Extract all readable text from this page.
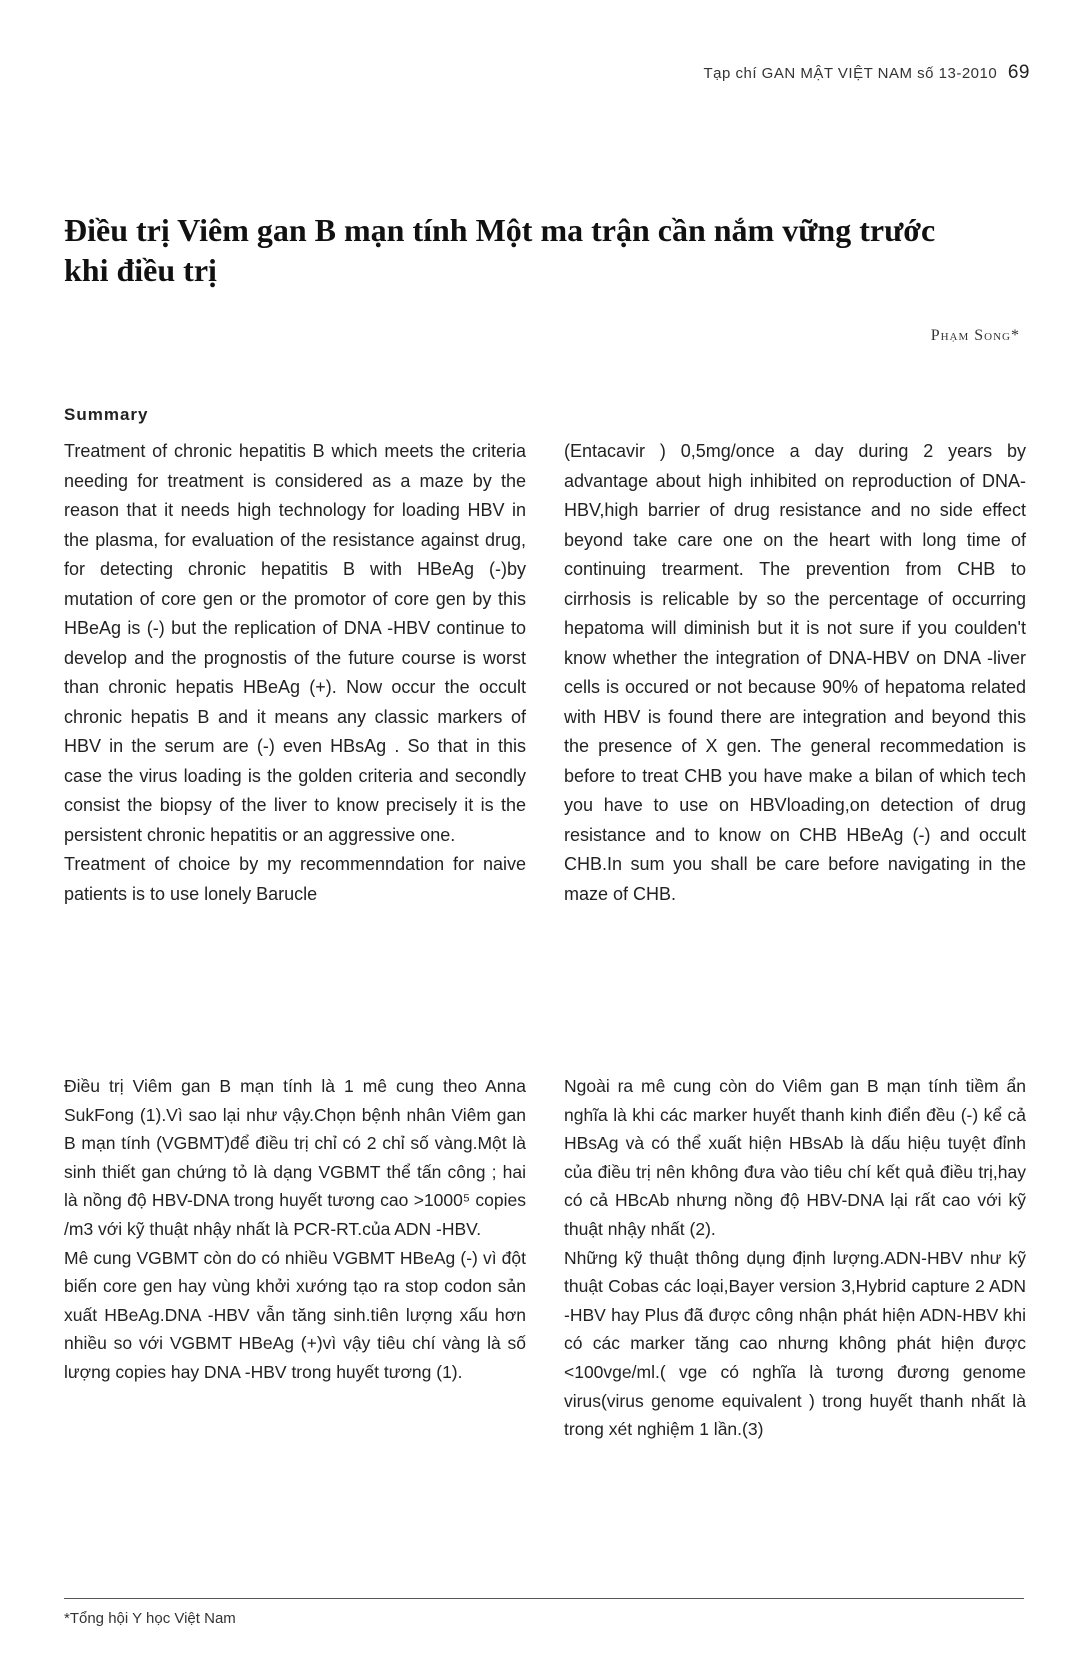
Tạp chí GAN MẬT VIỆT NAM số 13-2010 69
Điều trị Viêm gan B mạn tính Một ma trận cần nắm vững trước khi điều trị
Phạm Song*
Summary

Treatment of chronic hepatitis B which meets the criteria needing for treatment is considered as a maze by the reason that it needs high technology for loading HBV in the plasma, for evaluation of the resistance against drug, for detecting chronic hepatitis B with HBeAg (-)by mutation of core gen or the promotor of core gen by this HBeAg is (-) but the replication of DNA -HBV continue to develop and the prognostis of the future course is worst than chronic hepatis HBeAg (+). Now occur the occult chronic hepatis B and it means any classic markers of HBV in the serum are (-) even HBsAg . So that in this case the virus loading is the golden criteria and secondly consist the biopsy of the liver to know precisely it is the persistent chronic hepatitis or an aggressive one.

Treatment of choice by my recommenndation for naive patients is to use lonely Barucle

(Entacavir ) 0,5mg/once a day during 2 years by advantage about high inhibited on reproduction of DNA-HBV,high barrier of drug resistance and no side effect beyond take care one on the heart with long time of continuing trearment. The prevention from CHB to cirrhosis is relicable by so the percentage of occurring hepatoma will diminish but it is not sure if you coulden't know whether the integration of DNA-HBV on DNA -liver cells is occured or not because 90% of hepatoma related with HBV is found there are integration and beyond this the presence of X gen. The general recommedation is before to treat CHB you have make a bilan of which tech you have to use on HBVloading,on detection of drug resistance and to know on CHB HBeAg (-) and occult CHB.In sum you shall be care before navigating in the maze of CHB.

Điều trị Viêm gan B mạn tính là 1 mê cung theo Anna SukFong (1).Vì sao lại như vậy.Chọn bệnh nhân Viêm gan B mạn tính (VGBMT)để điều trị chỉ có 2 chỉ số vàng.Một là sinh thiết gan chứng tỏ là dạng VGBMT thể tấn công ; hai là nồng độ HBV-DNA trong huyết tương cao >1000⁵ copies /m3 với kỹ thuật nhậy nhất là PCR-RT.của ADN -HBV.

Mê cung VGBMT còn do có nhiều VGBMT HBeAg (-) vì đột biến core gen hay vùng khởi xướng tạo ra stop codon sản xuất HBeAg.DNA -HBV vẫn tăng sinh.tiên lượng xấu hơn nhiều so với VGBMT HBeAg (+)vì vậy tiêu chí vàng là số lượng copies hay DNA -HBV trong huyết tương (1).

Ngoài ra mê cung còn do Viêm gan B mạn tính tiềm ẩn nghĩa là khi các marker huyết thanh kinh điển đều (-) kể cả HBsAg và có thể xuất hiện HBsAb là dấu hiệu tuyệt đỉnh của điều trị nên không đưa vào tiêu chí kết quả điều trị,hay có cả HBcAb nhưng nồng độ HBV-DNA lại rất cao với kỹ thuật nhậy nhất (2).

Những kỹ thuật thông dụng định lượng.ADN-HBV như kỹ thuật Cobas các loại,Bayer version 3,Hybrid capture 2 ADN -HBV hay Plus đã được công nhận phát hiện ADN-HBV khi có các marker tăng cao nhưng không phát hiện được <100vge/ml.( vge có nghĩa là tương đương genome virus(virus genome equivalent ) trong huyết thanh nhất là trong xét nghiệm 1 lần.(3)

*Tổng hội Y học Việt Nam
